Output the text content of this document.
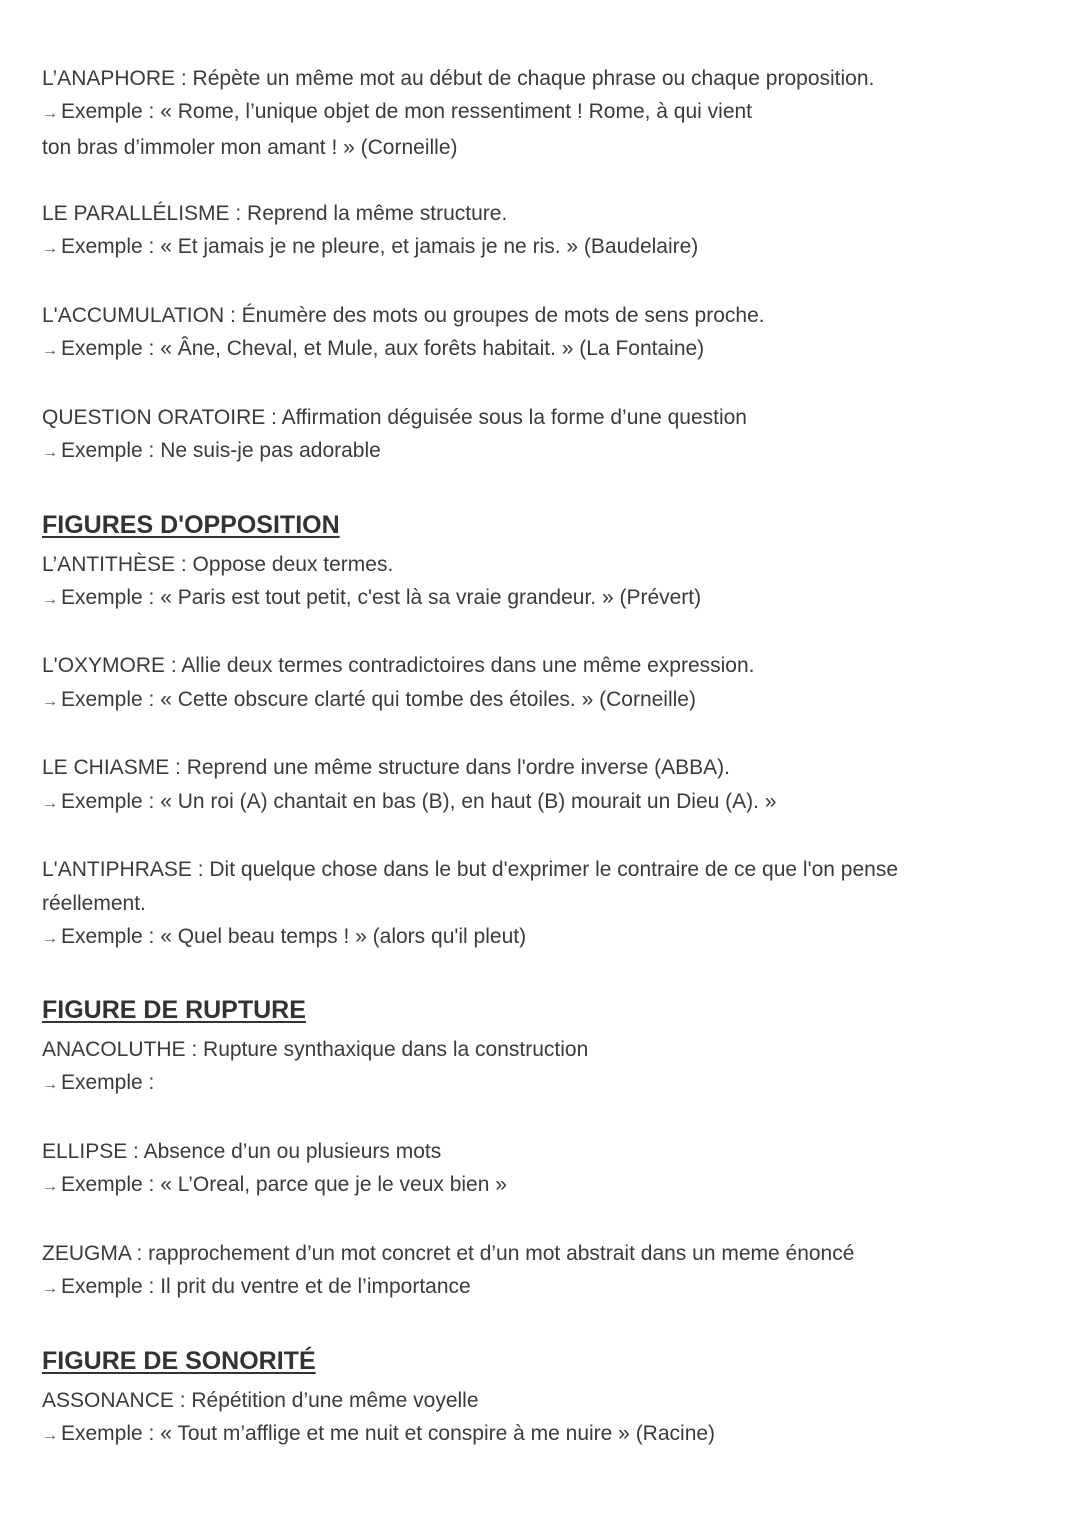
L’ANAPHORE : Répète un même mot au début de chaque phrase ou chaque proposition.

→ Exemple : « Rome, l’unique objet de mon ressentiment ! Rome, à qui vient

ton bras d’immoler mon amant ! » (Corneille)

LE PARALLÉLISME : Reprend la même structure.

→ Exemple : « Et jamais je ne pleure, et jamais je ne ris. » (Baudelaire)

L'ACCUMULATION : Énumère des mots ou groupes de mots de sens proche.

→ Exemple : « Âne, Cheval, et Mule, aux forêts habitait. » (La Fontaine)

QUESTION ORATOIRE : Affirmation déguisée sous la forme d’une question

→ Exemple : Ne suis-je pas adorable

FIGURES D'OPPOSITION

L’ANTITHÈSE : Oppose deux termes.

→ Exemple : « Paris est tout petit, c'est là sa vraie grandeur. » (Prévert)

L'OXYMORE : Allie deux termes contradictoires dans une même expression.

→ Exemple : « Cette obscure clarté qui tombe des étoiles. » (Corneille)

LE CHIASME : Reprend une même structure dans l'ordre inverse (ABBA).

→ Exemple : « Un roi (A) chantait en bas (B), en haut (B) mourait un Dieu (A). »

L'ANTIPHRASE : Dit quelque chose dans le but d'exprimer le contraire de ce que l'on pense

réellement.

→ Exemple : « Quel beau temps ! » (alors qu'il pleut)

FIGURE DE RUPTURE

ANACOLUTHE : Rupture synthaxique dans la construction

→ Exemple :

ELLIPSE : Absence d’un ou plusieurs mots

→ Exemple : « L’Oreal, parce que je le veux bien »

ZEUGMA : rapprochement d’un mot concret et d’un mot abstrait dans un meme énoncé

→ Exemple : Il prit du ventre et de l’importance

FIGURE DE SONORITÉ

ASSONANCE : Répétition d’une même voyelle

→ Exemple : « Tout m’afflige et me nuit et conspire à me nuire » (Racine)
